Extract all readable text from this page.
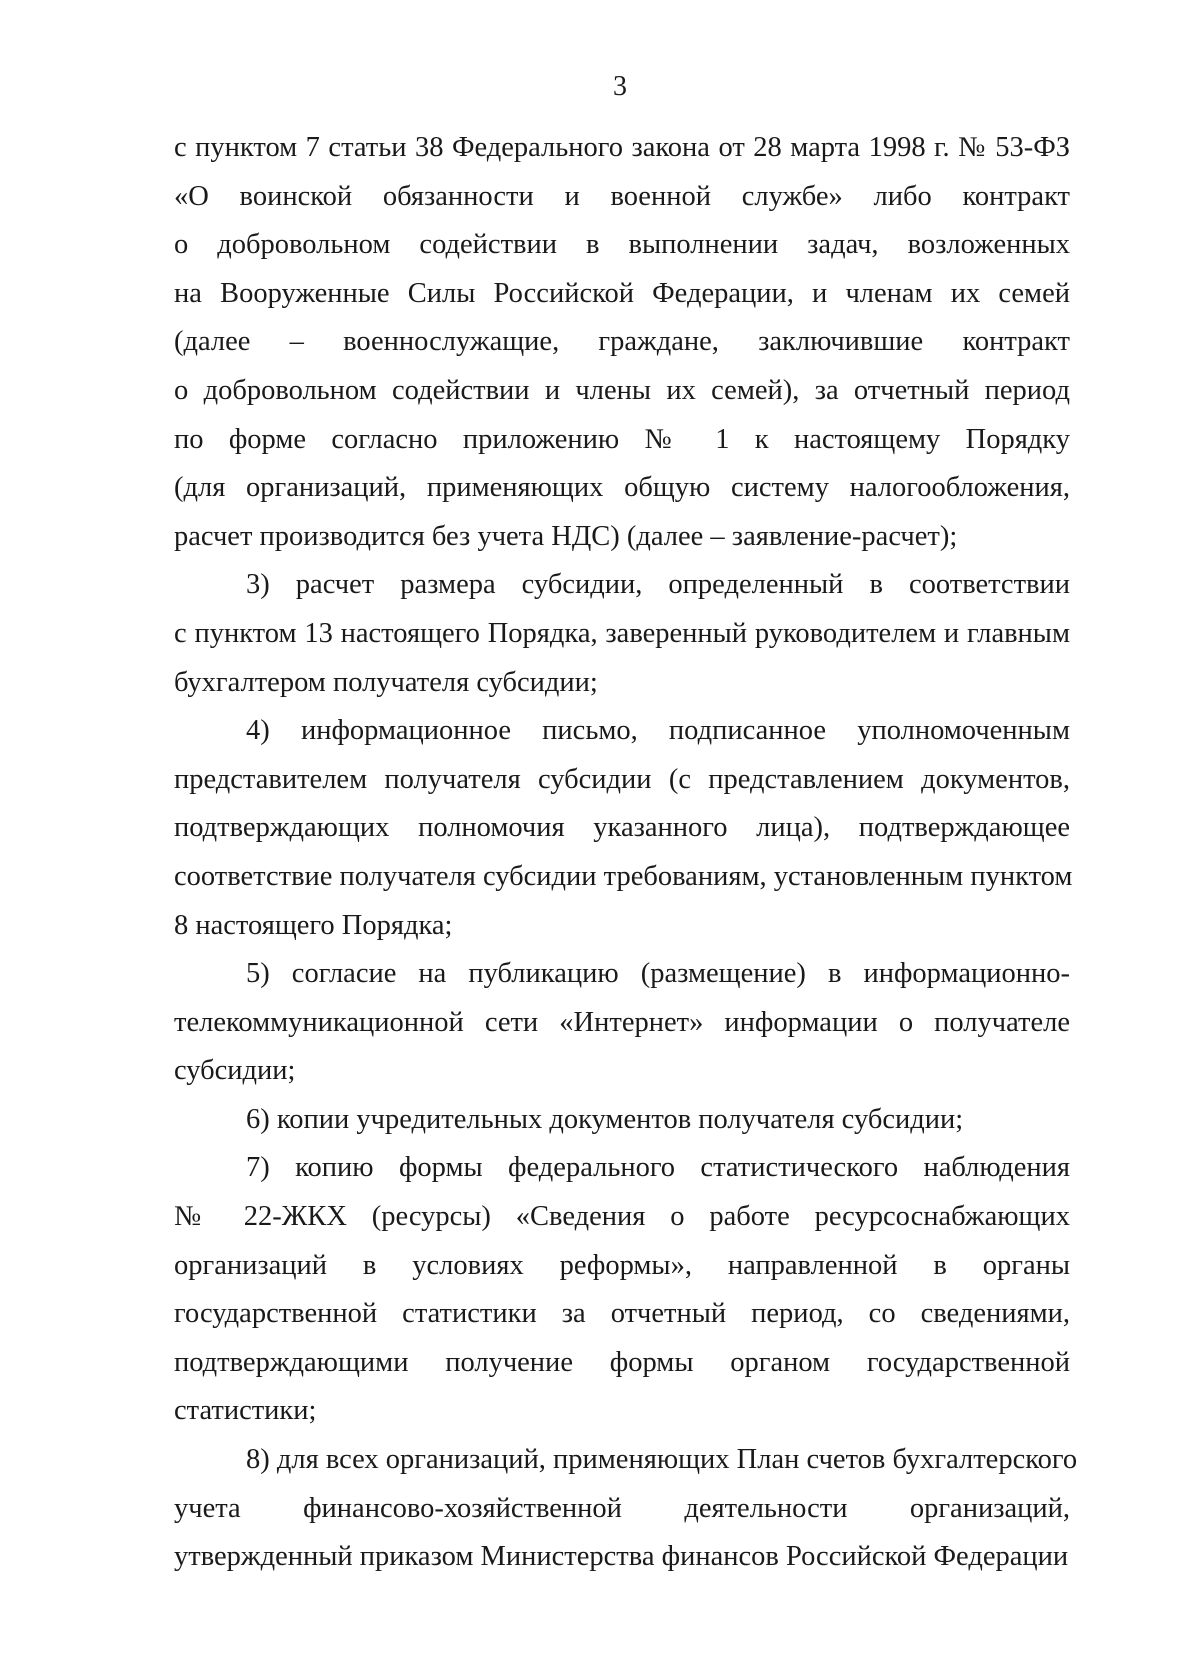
3
с пунктом 7 статьи 38 Федерального закона от 28 марта 1998 г. № 53-ФЗ
«О воинской обязанности и военной службе» либо контракт
о добровольном содействии в выполнении задач, возложенных
на Вооруженные Силы Российской Федерации, и членам их семей
(далее – военнослужащие, граждане, заключившие контракт
о добровольном содействии и члены их семей), за отчетный период
по форме согласно приложению № 1 к настоящему Порядку
(для организаций, применяющих общую систему налогообложения,
расчет производится без учета НДС) (далее – заявление-расчет);
3) расчет размера субсидии, определенный в соответствии
с пунктом 13 настоящего Порядка, заверенный руководителем и главным
бухгалтером получателя субсидии;
4) информационное письмо, подписанное уполномоченным
представителем получателя субсидии (с представлением документов,
подтверждающих полномочия указанного лица), подтверждающее
соответствие получателя субсидии требованиям, установленным пунктом
8 настоящего Порядка;
5) согласие на публикацию (размещение) в информационно-
телекоммуникационной сети «Интернет» информации о получателе
субсидии;
6) копии учредительных документов получателя субсидии;
7) копию формы федерального статистического наблюдения
№ 22-ЖКХ (ресурсы) «Сведения о работе ресурсоснабжающих
организаций в условиях реформы», направленной в органы
государственной статистики за отчетный период, со сведениями,
подтверждающими получение формы органом государственной
статистики;
8) для всех организаций, применяющих План счетов бухгалтерского
учета финансово-хозяйственной деятельности организаций,
утвержденный приказом Министерства финансов Российской Федерации
